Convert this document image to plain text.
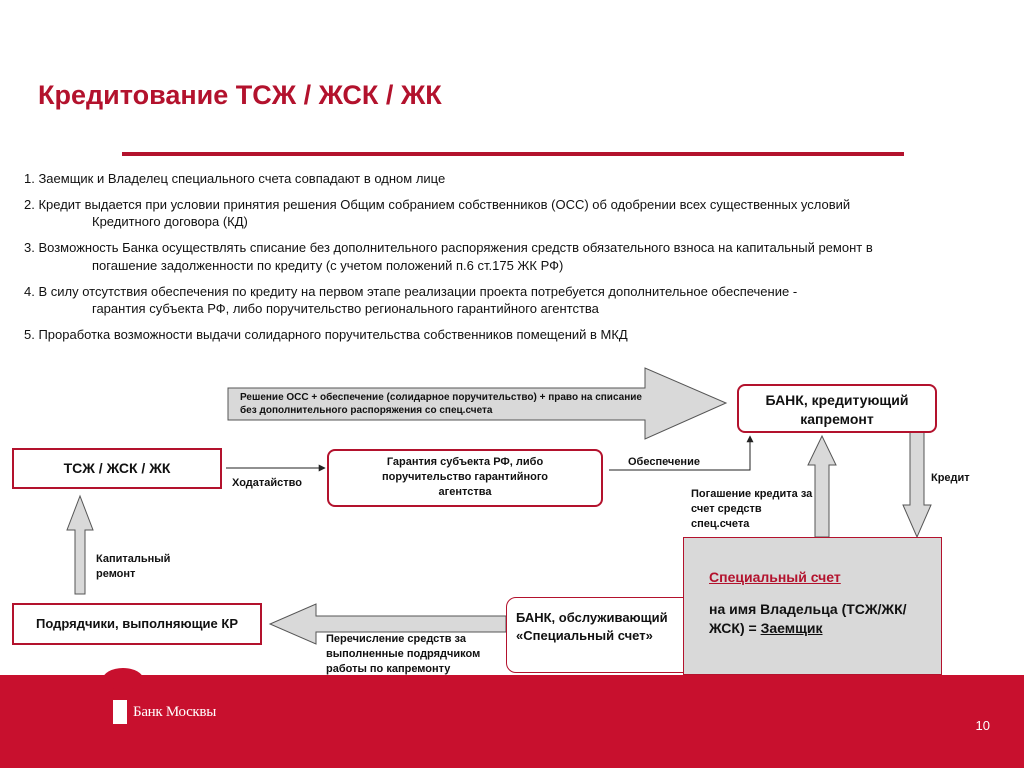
Кредитование ТСЖ / ЖСК / ЖК
1. Заемщик и Владелец специального счета совпадают в одном лице
2. Кредит выдается при условии принятия решения Общим собранием собственников (ОСС) об одобрении всех существенных условий
Кредитного договора (КД)
3. Возможность Банка осуществлять списание без дополнительного распоряжения средств обязательного взноса на капитальный ремонт в
погашение задолженности по кредиту (с учетом положений п.6 ст.175 ЖК РФ)
4. В силу отсутствия обеспечения по кредиту на первом этапе реализации проекта потребуется дополнительное обеспечение -
гарантия субъекта РФ, либо поручительство регионального гарантийного агентства
5. Проработка возможности выдачи солидарного поручительства собственников помещений в МКД
Решение ОСС + обеспечение (солидарное поручительство) + право на списание без дополнительного распоряжения со спец.счета
БАНК, кредитующий капремонт
ТСЖ / ЖСК / ЖК	Гарантия субъекта РФ, либо поручительство гарантийного агентства
Ходатайство
Обеспечение
Кредит
Погашение кредита за счет средств спец.счета
Капитальный ремонт
Подрядчики, выполняющие КР
Перечисление средств за выполненные подрядчиком работы по капремонту
БАНК, обслуживающий «Специальный счет»
Специальный счет
на имя Владельца (ТСЖ/ЖК/ЖСК) = Заемщик
Банк Москвы
10
